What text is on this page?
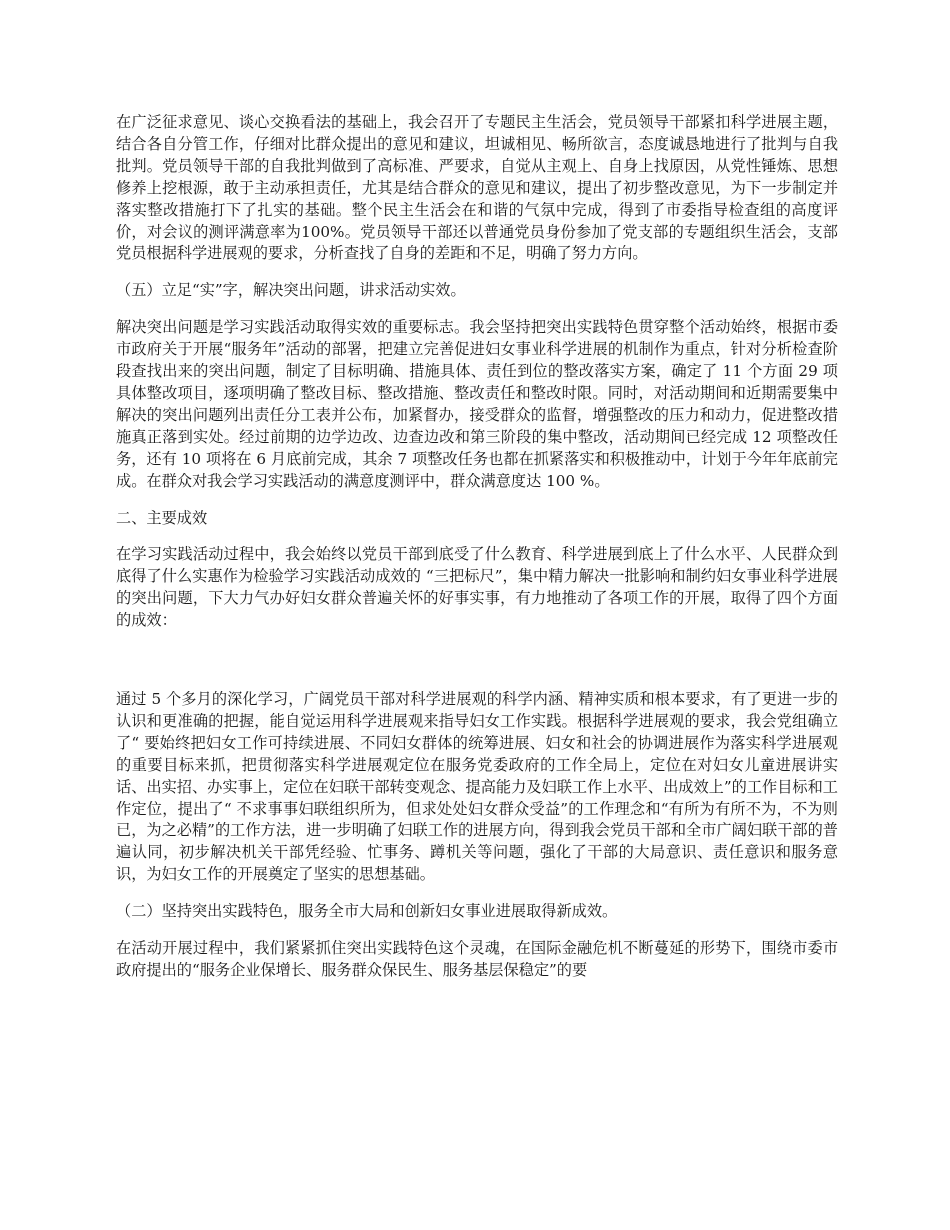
在广泛征求意见、谈心交换看法的基础上，我会召开了专题民主生活会，党员领导干部紧扣科学进展主题，结合各自分管工作，仔细对比群众提出的意见和建议，坦诚相见、畅所欲言，态度诚恳地进行了批判与自我批判。党员领导干部的自我批判做到了高标准、严要求，自觉从主观上、自身上找原因，从党性锤炼、思想修养上挖根源，敢于主动承担责任，尤其是结合群众的意见和建议，提出了初步整改意见，为下一步制定并落实整改措施打下了扎实的基础。整个民主生活会在和谐的气氛中完成，得到了市委指导检查组的高度评价，对会议的测评满意率为100%。党员领导干部还以普通党员身份参加了党支部的专题组织生活会，支部党员根据科学进展观的要求，分析查找了自身的差距和不足，明确了努力方向。

（五）立足“实”字，解决突出问题，讲求活动实效。

解决突出问题是学习实践活动取得实效的重要标志。我会坚持把突出实践特色贯穿整个活动始终，根据市委市政府关于开展“服务年”活动的部署，把建立完善促进妇女事业科学进展的机制作为重点，针对分析检查阶段查找出来的突出问题，制定了目标明确、措施具体、责任到位的整改落实方案，确定了 11 个方面 29 项具体整改项目，逐项明确了整改目标、整改措施、整改责任和整改时限。同时，对活动期间和近期需要集中解决的突出问题列出责任分工表并公布，加紧督办，接受群众的监督，增强整改的压力和动力，促进整改措施真正落到实处。经过前期的边学边改、边查边改和第三阶段的集中整改，活动期间已经完成 12 项整改任务，还有 10 项将在 6 月底前完成，其余 7 项整改任务也都在抓紧落实和积极推动中，计划于今年年底前完成。在群众对我会学习实践活动的满意度测评中，群众满意度达 100 %。

二、主要成效

在学习实践活动过程中，我会始终以党员干部到底受了什么教育、科学进展到底上了什么水平、人民群众到底得了什么实惠作为检验学习实践活动成效的 “三把标尺”，集中精力解决一批影响和制约妇女事业科学进展的突出问题，下大力气办好妇女群众普遍关怀的好事实事，有力地推动了各项工作的开展，取得了四个方面的成效：

通过 5 个多月的深化学习，广阔党员干部对科学进展观的科学内涵、精神实质和根本要求，有了更进一步的认识和更准确的把握，能自觉运用科学进展观来指导妇女工作实践。根据科学进展观的要求，我会党组确立了“ 要始终把妇女工作可持续进展、不同妇女群体的统筹进展、妇女和社会的协调进展作为落实科学进展观的重要目标来抓，把贯彻落实科学进展观定位在服务党委政府的工作全局上，定位在对妇女儿童进展讲实话、出实招、办实事上，定位在妇联干部转变观念、提高能力及妇联工作上水平、出成效上”的工作目标和工作定位，提出了“ 不求事事妇联组织所为，但求处处妇女群众受益”的工作理念和“有所为有所不为，不为则已，为之必精”的工作方法，进一步明确了妇联工作的进展方向，得到我会党员干部和全市广阔妇联干部的普遍认同，初步解决机关干部凭经验、忙事务、蹲机关等问题，强化了干部的大局意识、责任意识和服务意识，为妇女工作的开展奠定了坚实的思想基础。

（二）坚持突出实践特色，服务全市大局和创新妇女事业进展取得新成效。

在活动开展过程中，我们紧紧抓住突出实践特色这个灵魂，在国际金融危机不断蔓延的形势下，围绕市委市政府提出的“服务企业保增长、服务群众保民生、服务基层保稳定”的要
